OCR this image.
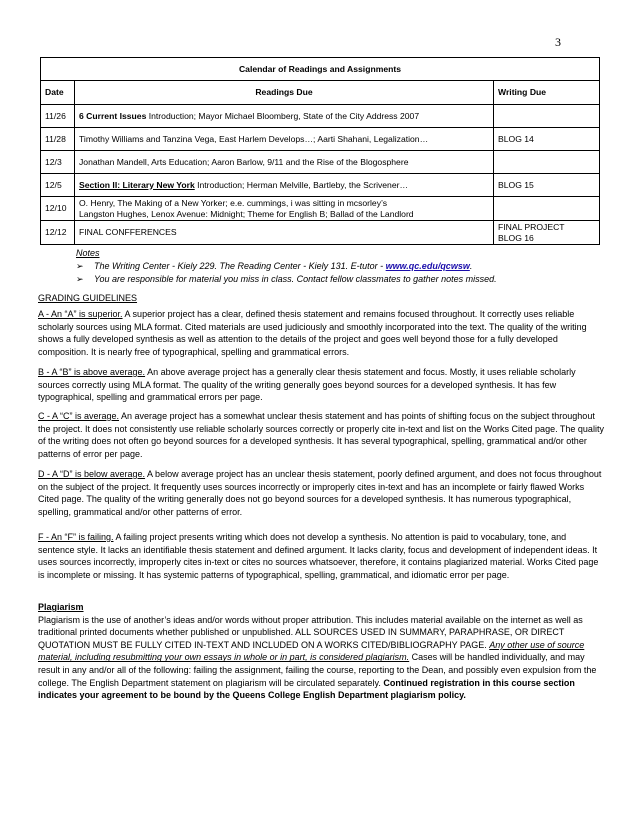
3
Calendar of Readings and Assignments		
Date	Readings Due	Writing Due
11/26	6 Current Issues Introduction; Mayor Michael Bloomberg, State of the City Address 2007	
11/28	Timothy Williams and Tanzina Vega, East Harlem Develops…; Aarti Shahani, Legalization…	BLOG 14
12/3	Jonathan Mandell, Arts Education; Aaron Barlow, 9/11 and the Rise of the Blogosphere	
12/5	Section II: Literary New York Introduction; Herman Melville, Bartleby, the Scrivener…	BLOG 15
12/10	O. Henry, The Making of a New Yorker; e.e. cummings, i was sitting in mcsorley’s
Langston Hughes, Lenox Avenue: Midnight; Theme for English B; Ballad of the Landlord	

12/12	FINAL CONFFERENCES	FINAL PROJECT
BLOG 16
Notes
➢ The Writing Center - Kiely 229. The Reading Center - Kiely 131. E-tutor - www.qc.edu/qcwsw.
➢ You are responsible for material you miss in class. Contact fellow classmates to gather notes missed.
GRADING GUIDELINES
A - An “A” is superior. A superior project has a clear, defined thesis statement and remains focused throughout. It correctly uses reliable scholarly sources using MLA format. Cited materials are used judiciously and smoothly incorporated into the text. The quality of the writing shows a fully developed synthesis as well as attention to the details of the project and goes well beyond those for a fully developed composition. It is nearly free of typographical, spelling and grammatical errors.
B - A “B” is above average. An above average project has a generally clear thesis statement and focus. Mostly, it uses reliable scholarly sources correctly using MLA format. The quality of the writing generally goes beyond sources for a developed synthesis. It has few typographical, spelling and grammatical errors per page.
C - A “C” is average. An average project has a somewhat unclear thesis statement and has points of shifting focus on the subject throughout the project. It does not consistently use reliable scholarly sources correctly or properly cite in-text and list on the Works Cited page. The quality of the writing does not often go beyond sources for a developed synthesis. It has several typographical, spelling, grammatical and/or other patterns of error per page.
D - A “D” is below average. A below average project has an unclear thesis statement, poorly defined argument, and does not focus throughout on the subject of the project. It frequently uses sources incorrectly or improperly cites in-text and has an incomplete or fairly flawed Works Cited page. The quality of the writing generally does not go beyond sources for a developed synthesis. It has numerous typographical, spelling, grammatical and/or other patterns of error.
F - An “F” is failing. A failing project presents writing which does not develop a synthesis. No attention is paid to vocabulary, tone, and sentence style. It lacks an identifiable thesis statement and defined argument. It lacks clarity, focus and development of independent ideas. It uses sources incorrectly, improperly cites in-text or cites no sources whatsoever, therefore, it contains plagiarized material. Works Cited page is incomplete or missing. It has systemic patterns of typographical, spelling, grammatical, and idiomatic error per page.
Plagiarism
Plagiarism is the use of another’s ideas and/or words without proper attribution. This includes material available on the internet as well as traditional printed documents whether published or unpublished. ALL SOURCES USED IN SUMMARY, PARAPHRASE, OR DIRECT QUOTATION MUST BE FULLY CITED IN-TEXT AND INCLUDED ON A WORKS CITED/BIBLIOGRAPHY PAGE. Any other use of source material, including resubmitting your own essays in whole or in part, is considered plagiarism. Cases will be handled individually, and may result in any and/or all of the following: failing the assignment, failing the course, reporting to the Dean, and possibly even expulsion from the college. The English Department statement on plagiarism will be circulated separately. Continued registration in this course section indicates your agreement to be bound by the Queens College English Department plagiarism policy.
